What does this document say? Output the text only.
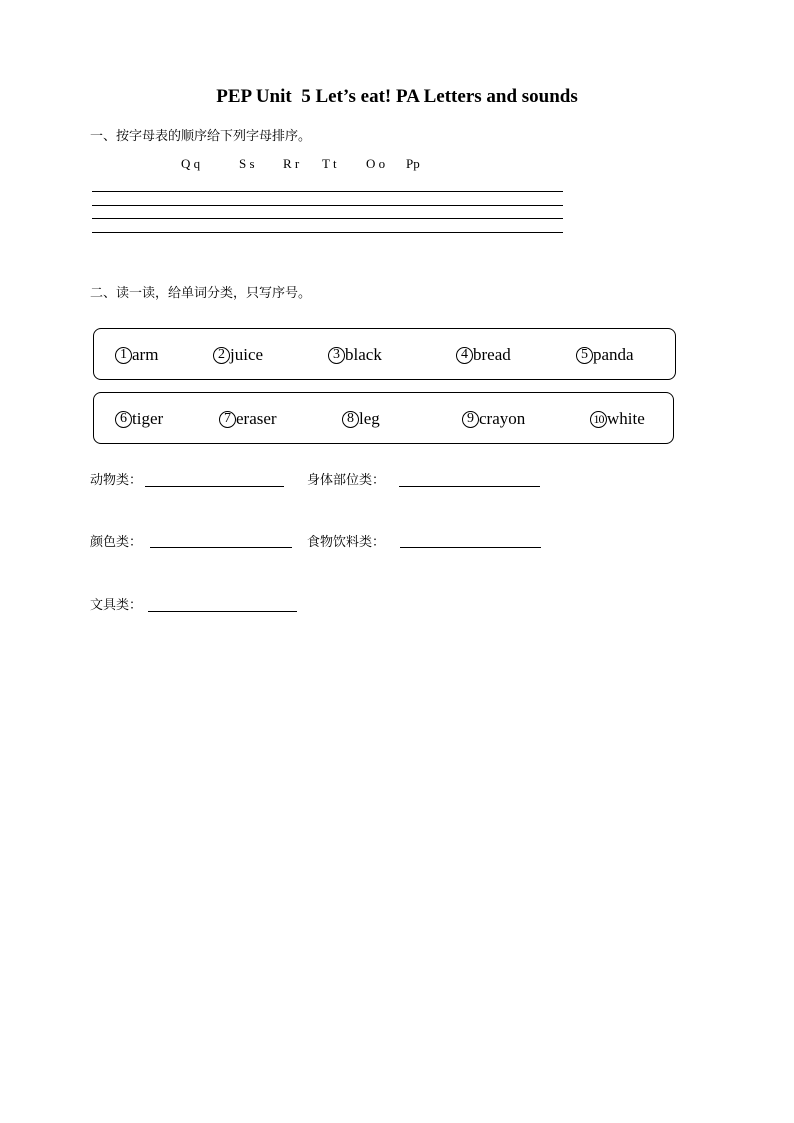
PEP Unit  5 Let’s eat! PA Letters and sounds
一、按字母表的顺序给下列字母排序。
Q q	S s	R r	T t	O o	Pp
二、读一读，给单词分类，只写序号。
1 arm	2 juice	3 black	4 bread	5 panda
6 tiger	7 eraser	8 leg	9 crayon	10 white
动物类：	身体部位类：
颜色类：	食物饮料类：
文具类：
